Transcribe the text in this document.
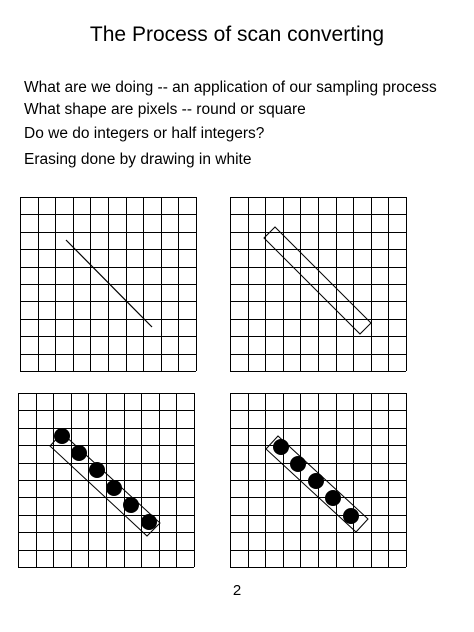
The Process of scan converting
What are we doing -- an application of our sampling process
What shape are pixels -- round or square
Do we do integers or half integers?
Erasing done by drawing in white
2
